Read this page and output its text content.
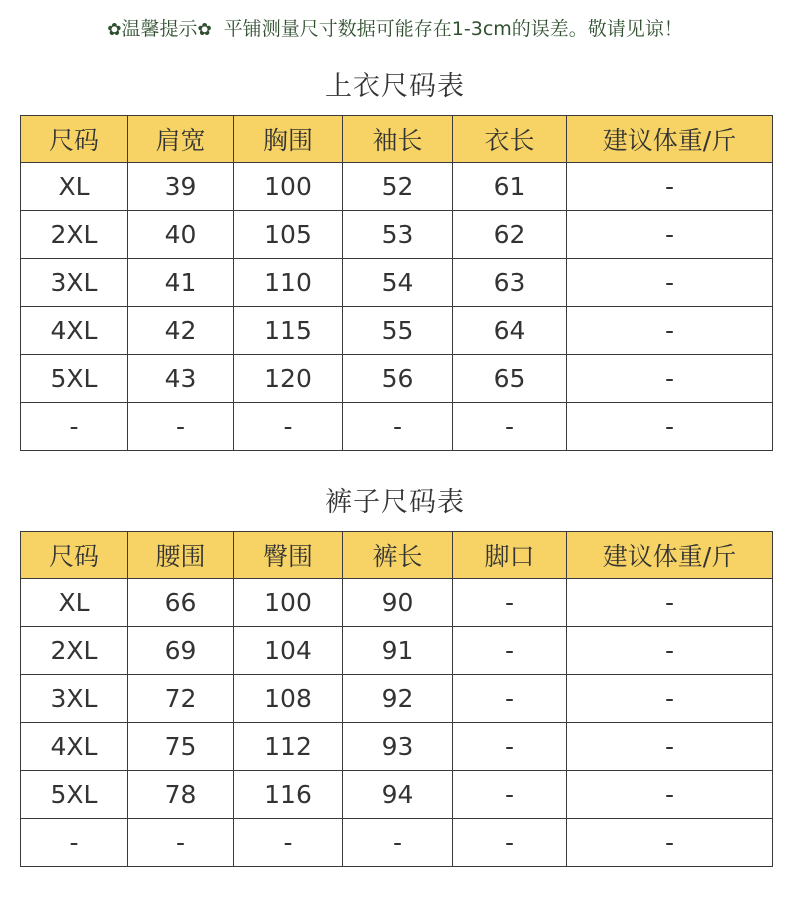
✿温馨提示✿ 平铺测量尺寸数据可能存在1-3cm的误差。敬请见谅！
上衣尺码表
尺码	肩宽	胸围	袖长	衣长	建议体重/斤
XL	39	100	52	61	-
2XL	40	105	53	62	-
3XL	41	110	54	63	-
4XL	42	115	55	64	-
5XL	43	120	56	65	-
-	-	-	-	-	-
裤子尺码表
尺码	腰围	臀围	裤长	脚口	建议体重/斤
XL	66	100	90	-	-
2XL	69	104	91	-	-
3XL	72	108	92	-	-
4XL	75	112	93	-	-
5XL	78	116	94	-	-
-	-	-	-	-	-
